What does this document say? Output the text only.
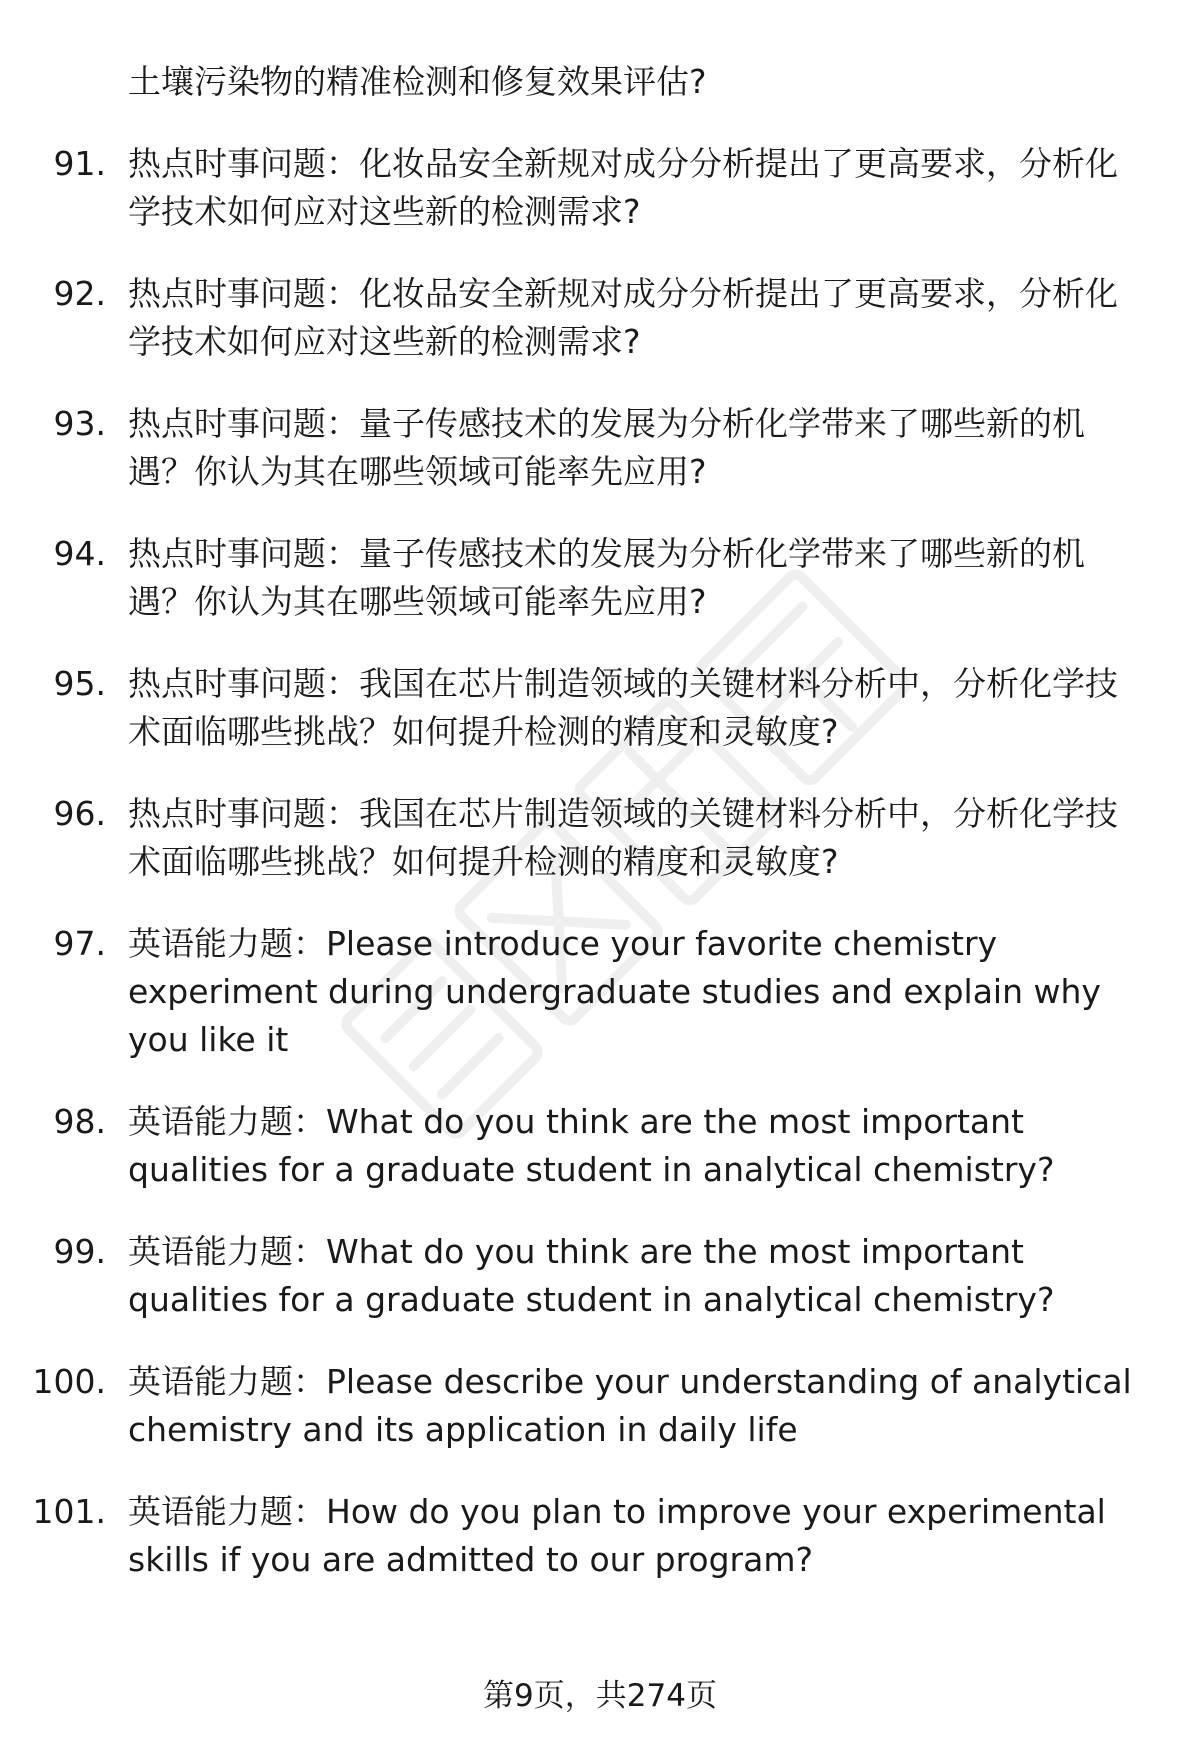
土壤污染物的精准检测和修复效果评估?
91. 热点时事问题：化妆品安全新规对成分分析提出了更高要求，分析化学技术如何应对这些新的检测需求?
92. 热点时事问题：化妆品安全新规对成分分析提出了更高要求，分析化学技术如何应对这些新的检测需求?
93. 热点时事问题：量子传感技术的发展为分析化学带来了哪些新的机遇？你认为其在哪些领域可能率先应用?
94. 热点时事问题：量子传感技术的发展为分析化学带来了哪些新的机遇？你认为其在哪些领域可能率先应用?
95. 热点时事问题：我国在芯片制造领域的关键材料分析中，分析化学技术面临哪些挑战？如何提升检测的精度和灵敏度?
96. 热点时事问题：我国在芯片制造领域的关键材料分析中，分析化学技术面临哪些挑战？如何提升检测的精度和灵敏度?
97. 英语能力题：Please introduce your favorite chemistry experiment during undergraduate studies and explain why you like it
98. 英语能力题：What do you think are the most important qualities for a graduate student in analytical chemistry?
99. 英语能力题：What do you think are the most important qualities for a graduate student in analytical chemistry?
100. 英语能力题：Please describe your understanding of analytical chemistry and its application in daily life
101. 英语能力题：How do you plan to improve your experimental skills if you are admitted to our program?
第9页，共274页
